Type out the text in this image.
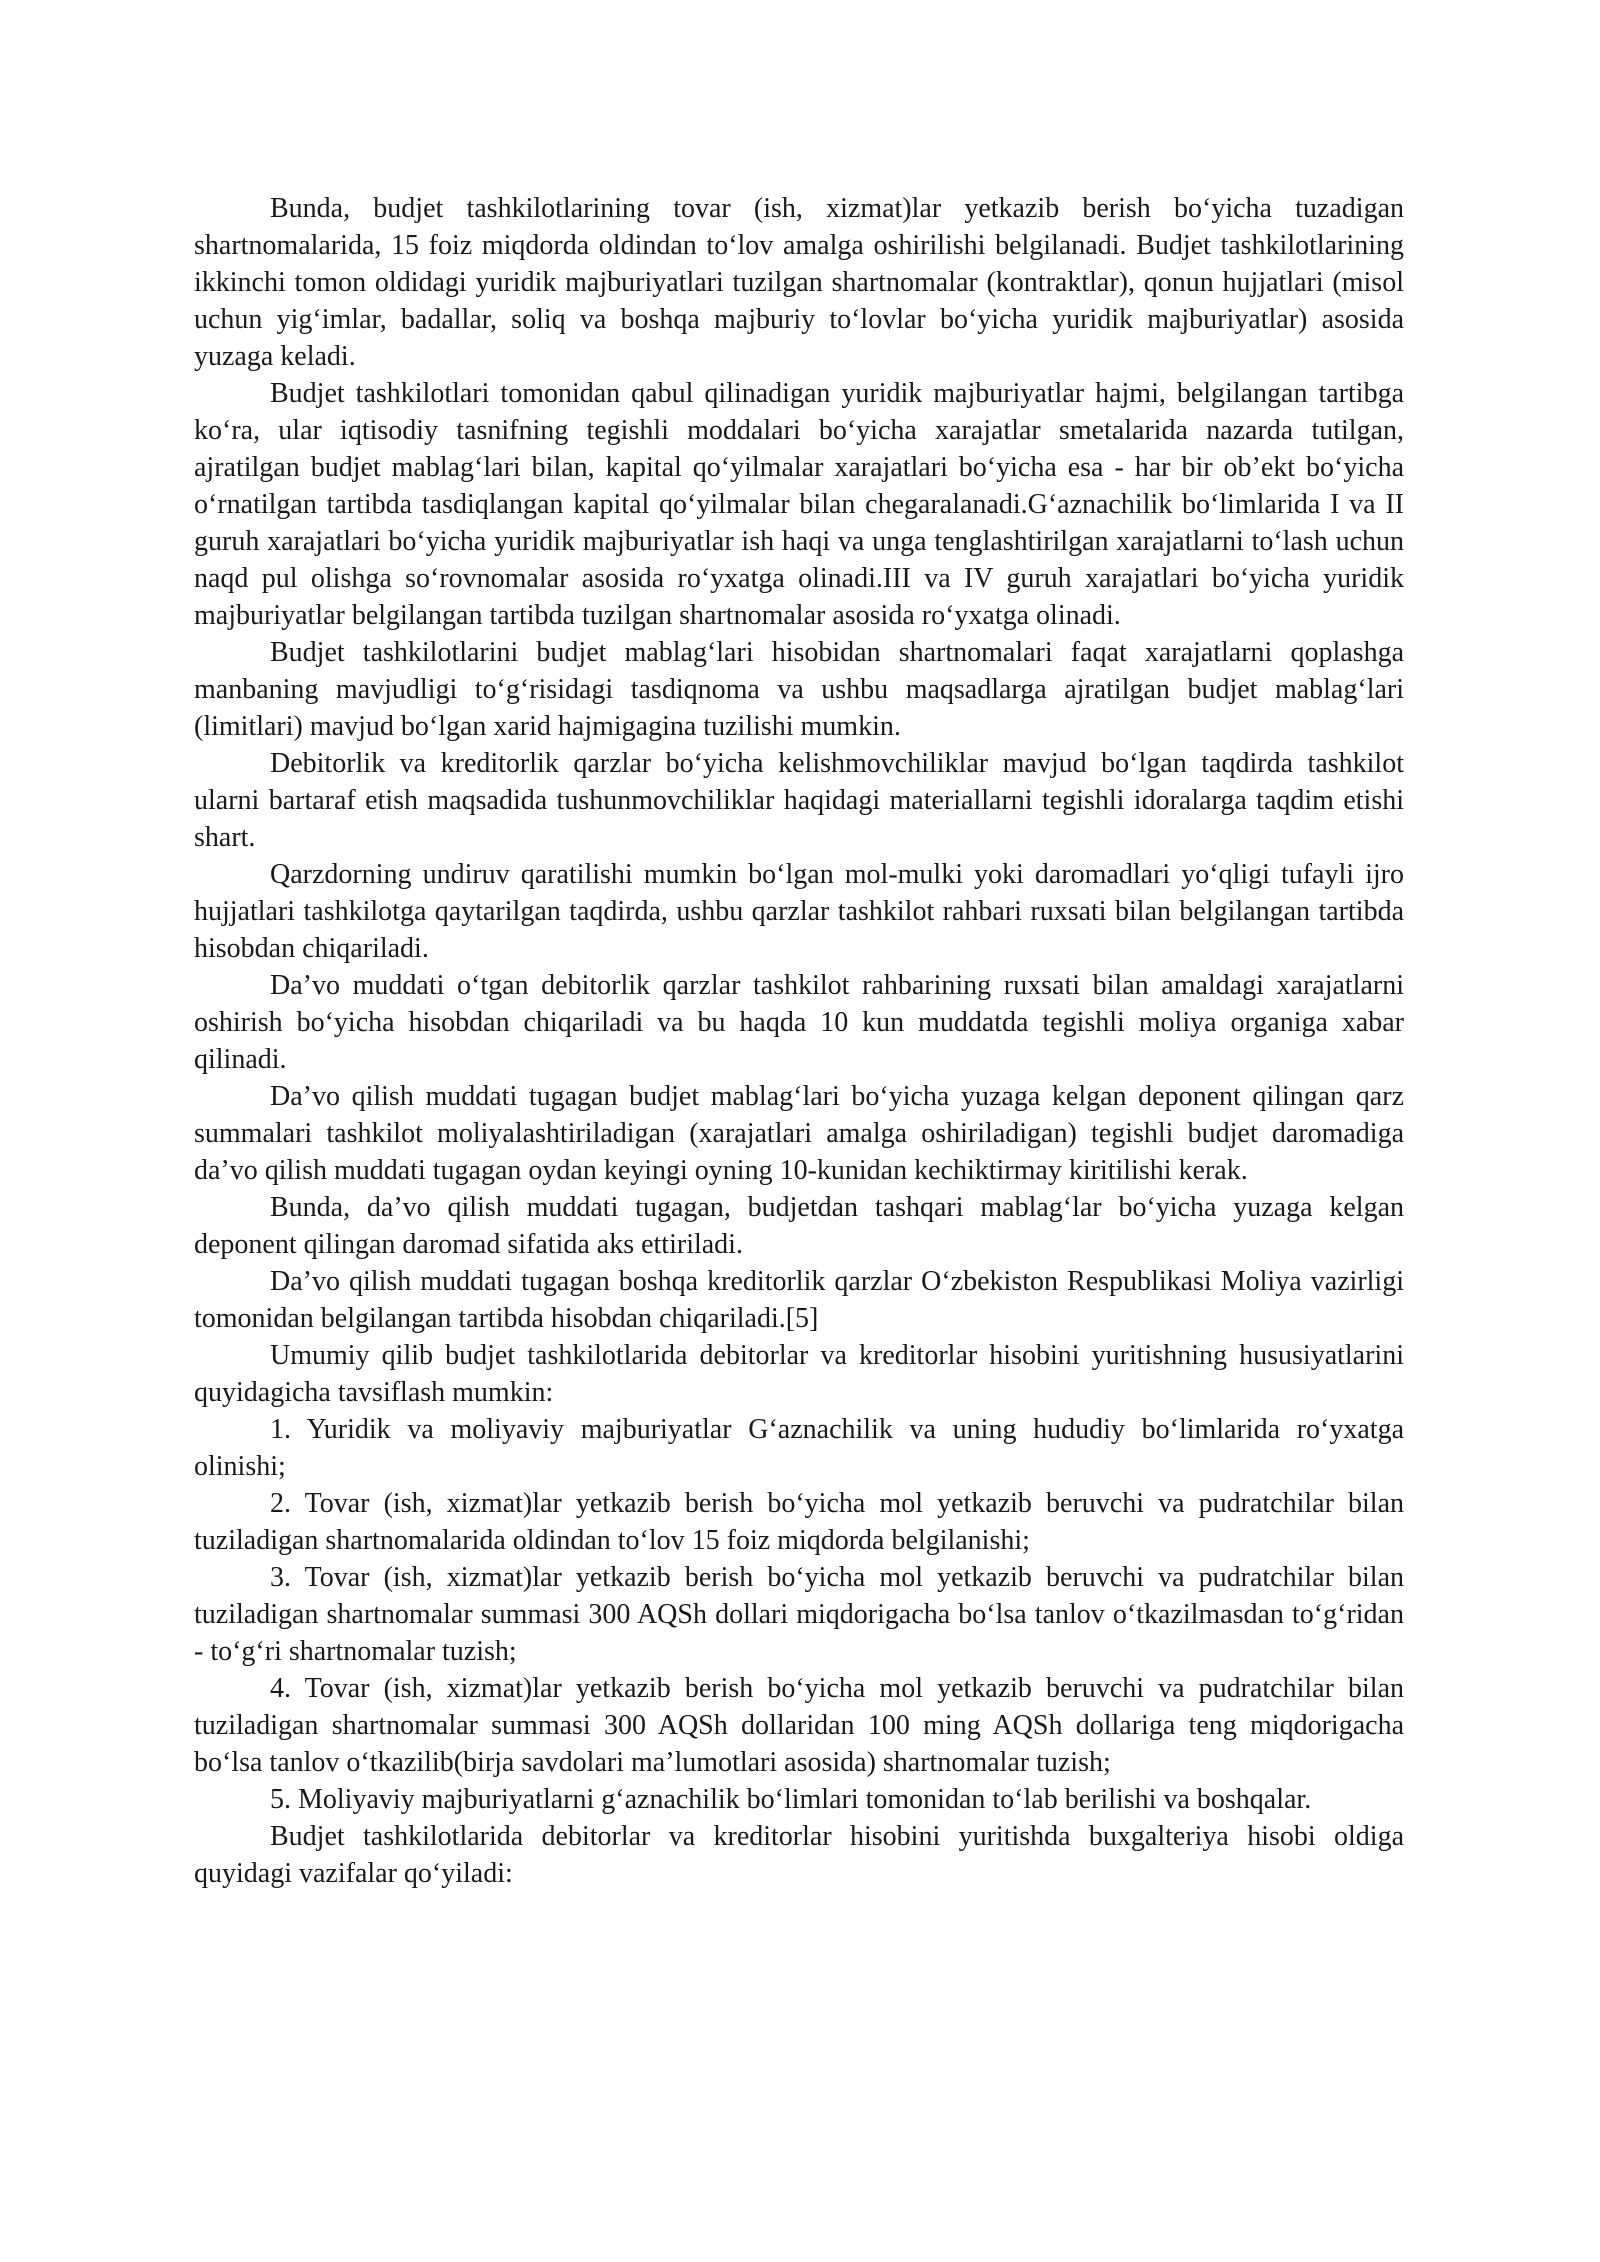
Bunda, budjet tashkilotlarining tovar (ish, xizmat)lar yetkazib berish bo‘yicha tuzadigan shartnomalarida, 15 foiz miqdorda oldindan to‘lov amalga oshirilishi belgilanadi. Budjet tashkilotlarining ikkinchi tomon oldidagi yuridik majburiyatlari tuzilgan shartnomalar (kontraktlar), qonun hujjatlari (misol uchun yig‘imlar, badallar, soliq va boshqa majburiy to‘lovlar bo‘yicha yuridik majburiyatlar) asosida yuzaga keladi.

Budjet tashkilotlari tomonidan qabul qilinadigan yuridik majburiyatlar hajmi, belgilangan tartibga ko‘ra, ular iqtisodiy tasnifning tegishli moddalari bo‘yicha xarajatlar smetalarida nazarda tutilgan, ajratilgan budjet mablag‘lari bilan, kapital qo‘yilmalar xarajatlari bo‘yicha esa - har bir ob’ekt bo‘yicha o‘rnatilgan tartibda tasdiqlangan kapital qo‘yilmalar bilan chegaralanadi.G‘aznachilik bo‘limlarida I va II guruh xarajatlari bo‘yicha yuridik majburiyatlar ish haqi va unga tenglashtirilgan xarajatlarni to‘lash uchun naqd pul olishga so‘rovnomalar asosida ro‘yxatga olinadi.III va IV guruh xarajatlari bo‘yicha yuridik majburiyatlar belgilangan tartibda tuzilgan shartnomalar asosida ro‘yxatga olinadi.

Budjet tashkilotlarini budjet mablag‘lari hisobidan shartnomalari faqat xarajatlarni qoplashga manbaning mavjudligi to‘g‘risidagi tasdiqnoma va ushbu maqsadlarga ajratilgan budjet mablag‘lari (limitlari) mavjud bo‘lgan xarid hajmigagina tuzilishi mumkin.

Debitorlik va kreditorlik qarzlar bo‘yicha kelishmovchiliklar mavjud bo‘lgan taqdirda tashkilot ularni bartaraf etish maqsadida tushunmovchiliklar haqidagi materiallarni tegishli idoralarga taqdim etishi shart.

Qarzdorning undiruv qaratilishi mumkin bo‘lgan mol-mulki yoki daromadlari yo‘qligi tufayli ijro hujjatlari tashkilotga qaytarilgan taqdirda, ushbu qarzlar tashkilot rahbari ruxsati bilan belgilangan tartibda hisobdan chiqariladi.

Da’vo muddati o‘tgan debitorlik qarzlar tashkilot rahbarining ruxsati bilan amaldagi xarajatlarni oshirish bo‘yicha hisobdan chiqariladi va bu haqda 10 kun muddatda tegishli moliya organiga xabar qilinadi.

Da’vo qilish muddati tugagan budjet mablag‘lari bo‘yicha yuzaga kelgan deponent qilingan qarz summalari tashkilot moliyalashtiriladigan (xarajatlari amalga oshiriladigan) tegishli budjet daromadiga da’vo qilish muddati tugagan oydan keyingi oyning 10-kunidan kechiktirmay kiritilishi kerak.

Bunda, da’vo qilish muddati tugagan, budjetdan tashqari mablag‘lar bo‘yicha yuzaga kelgan deponent qilingan daromad sifatida aks ettiriladi.

Da’vo qilish muddati tugagan boshqa kreditorlik qarzlar O‘zbekiston Respublikasi Moliya vazirligi tomonidan belgilangan tartibda hisobdan chiqariladi.[5]

Umumiy qilib budjet tashkilotlarida debitorlar va kreditorlar hisobini yuritishning hususiyatlarini quyidagicha tavsiflash mumkin:

1. Yuridik va moliyaviy majburiyatlar G‘aznachilik va uning hududiy bo‘limlarida ro‘yxatga olinishi;

2. Tovar (ish, xizmat)lar yetkazib berish bo‘yicha mol yetkazib beruvchi va pudratchilar bilan tuziladigan shartnomalarida oldindan to‘lov 15 foiz miqdorda belgilanishi;

3. Tovar (ish, xizmat)lar yetkazib berish bo‘yicha mol yetkazib beruvchi va pudratchilar bilan tuziladigan shartnomalar summasi 300 AQSh dollari miqdorigacha bo‘lsa tanlov o‘tkazilmasdan to‘g‘ridan - to‘g‘ri shartnomalar tuzish;

4. Tovar (ish, xizmat)lar yetkazib berish bo‘yicha mol yetkazib beruvchi va pudratchilar bilan tuziladigan shartnomalar summasi 300 AQSh dollaridan 100 ming AQSh dollariga teng miqdorigacha bo‘lsa tanlov o‘tkazilib(birja savdolari ma’lumotlari asosida) shartnomalar tuzish;

5. Moliyaviy majburiyatlarni g‘aznachilik bo‘limlari tomonidan to‘lab berilishi va boshqalar.

Budjet tashkilotlarida debitorlar va kreditorlar hisobini yuritishda buxgalteriya hisobi oldiga quyidagi vazifalar qo‘yiladi:
